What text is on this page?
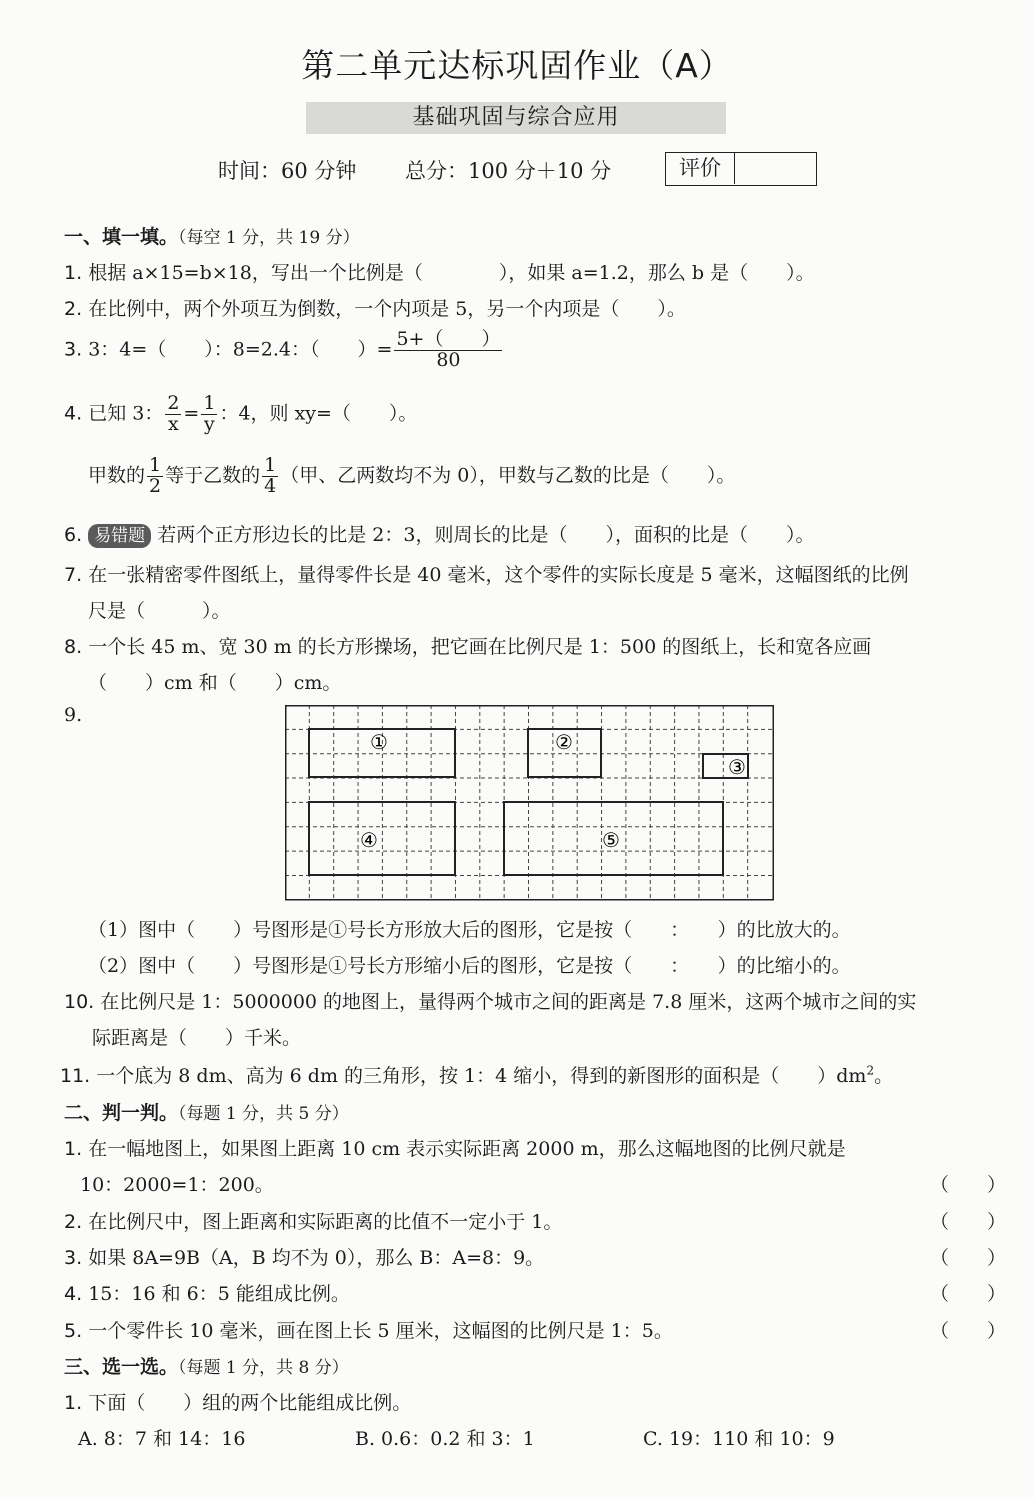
第二单元达标巩固作业（A）
基础巩固与综合应用
时间：60 分钟 总分：100 分＋10 分	评价
一、填一填。（每空 1 分，共 19 分）
1. 根据 a×15=b×18，写出一个比例是（　　　　），如果 a=1.2，那么 b 是（　　）。
2. 在比例中，两个外项互为倒数，一个内项是 5，另一个内项是（　　）。
3. 3：4=（　　）：8=2.4：（　　）= $\frac{5+( )}{80}$
4. 已知 3： $\frac{2}{x} = \frac{1}{y}$ ：4，则 xy=（　　）。
甲数的 $\frac{1}{2}$ 等于乙数的 $\frac{1}{4}$ （甲、乙两数均不为 0），甲数与乙数的比是（　　）。
6. 易错题 若两个正方形边长的比是 2：3，则周长的比是（　　），面积的比是（　　）。
7. 在一张精密零件图纸上，量得零件长是 40 毫米，这个零件的实际长度是 5 毫米，这幅图纸的比例
尺是（　　　）。
8. 一个长 45 m、宽 30 m 的长方形操场，把它画在比例尺是 1：500 的图纸上，长和宽各应画
（　　）cm 和（　　）cm。
9.
①	②
③
④	⑤
（1）图中（　　）号图形是①号长方形放大后的图形，它是按（　　：　　）的比放大的。
（2）图中（　　）号图形是①号长方形缩小后的图形，它是按（　　：　　）的比缩小的。
10. 在比例尺是 1：5000000 的地图上，量得两个城市之间的距离是 7.8 厘米，这两个城市之间的实
际距离是（　　）千米。
11. 一个底为 8 dm、高为 6 dm 的三角形，按 1：4 缩小，得到的新图形的面积是（　　）$dm^2$。
二、判一判。（每题 1 分，共 5 分）
1. 在一幅地图上，如果图上距离 10 cm 表示实际距离 2000 m，那么这幅地图的比例尺就是
10：2000=1：200。	（　　）
2. 在比例尺中，图上距离和实际距离的比值不一定小于 1。	（　　）
3. 如果 8A=9B（A，B 均不为 0），那么 B：A=8：9。	（　　）
4. 15：16 和 6：5 能组成比例。	（　　）
5. 一个零件长 10 毫米，画在图上长 5 厘米，这幅图的比例尺是 1：5。	（　　）
三、选一选。（每题 1 分，共 8 分）
1. 下面（　　）组的两个比能组成比例。
A. 8：7 和 14：16	B. 0.6：0.2 和 3：1	C. 19：110 和 10：9
